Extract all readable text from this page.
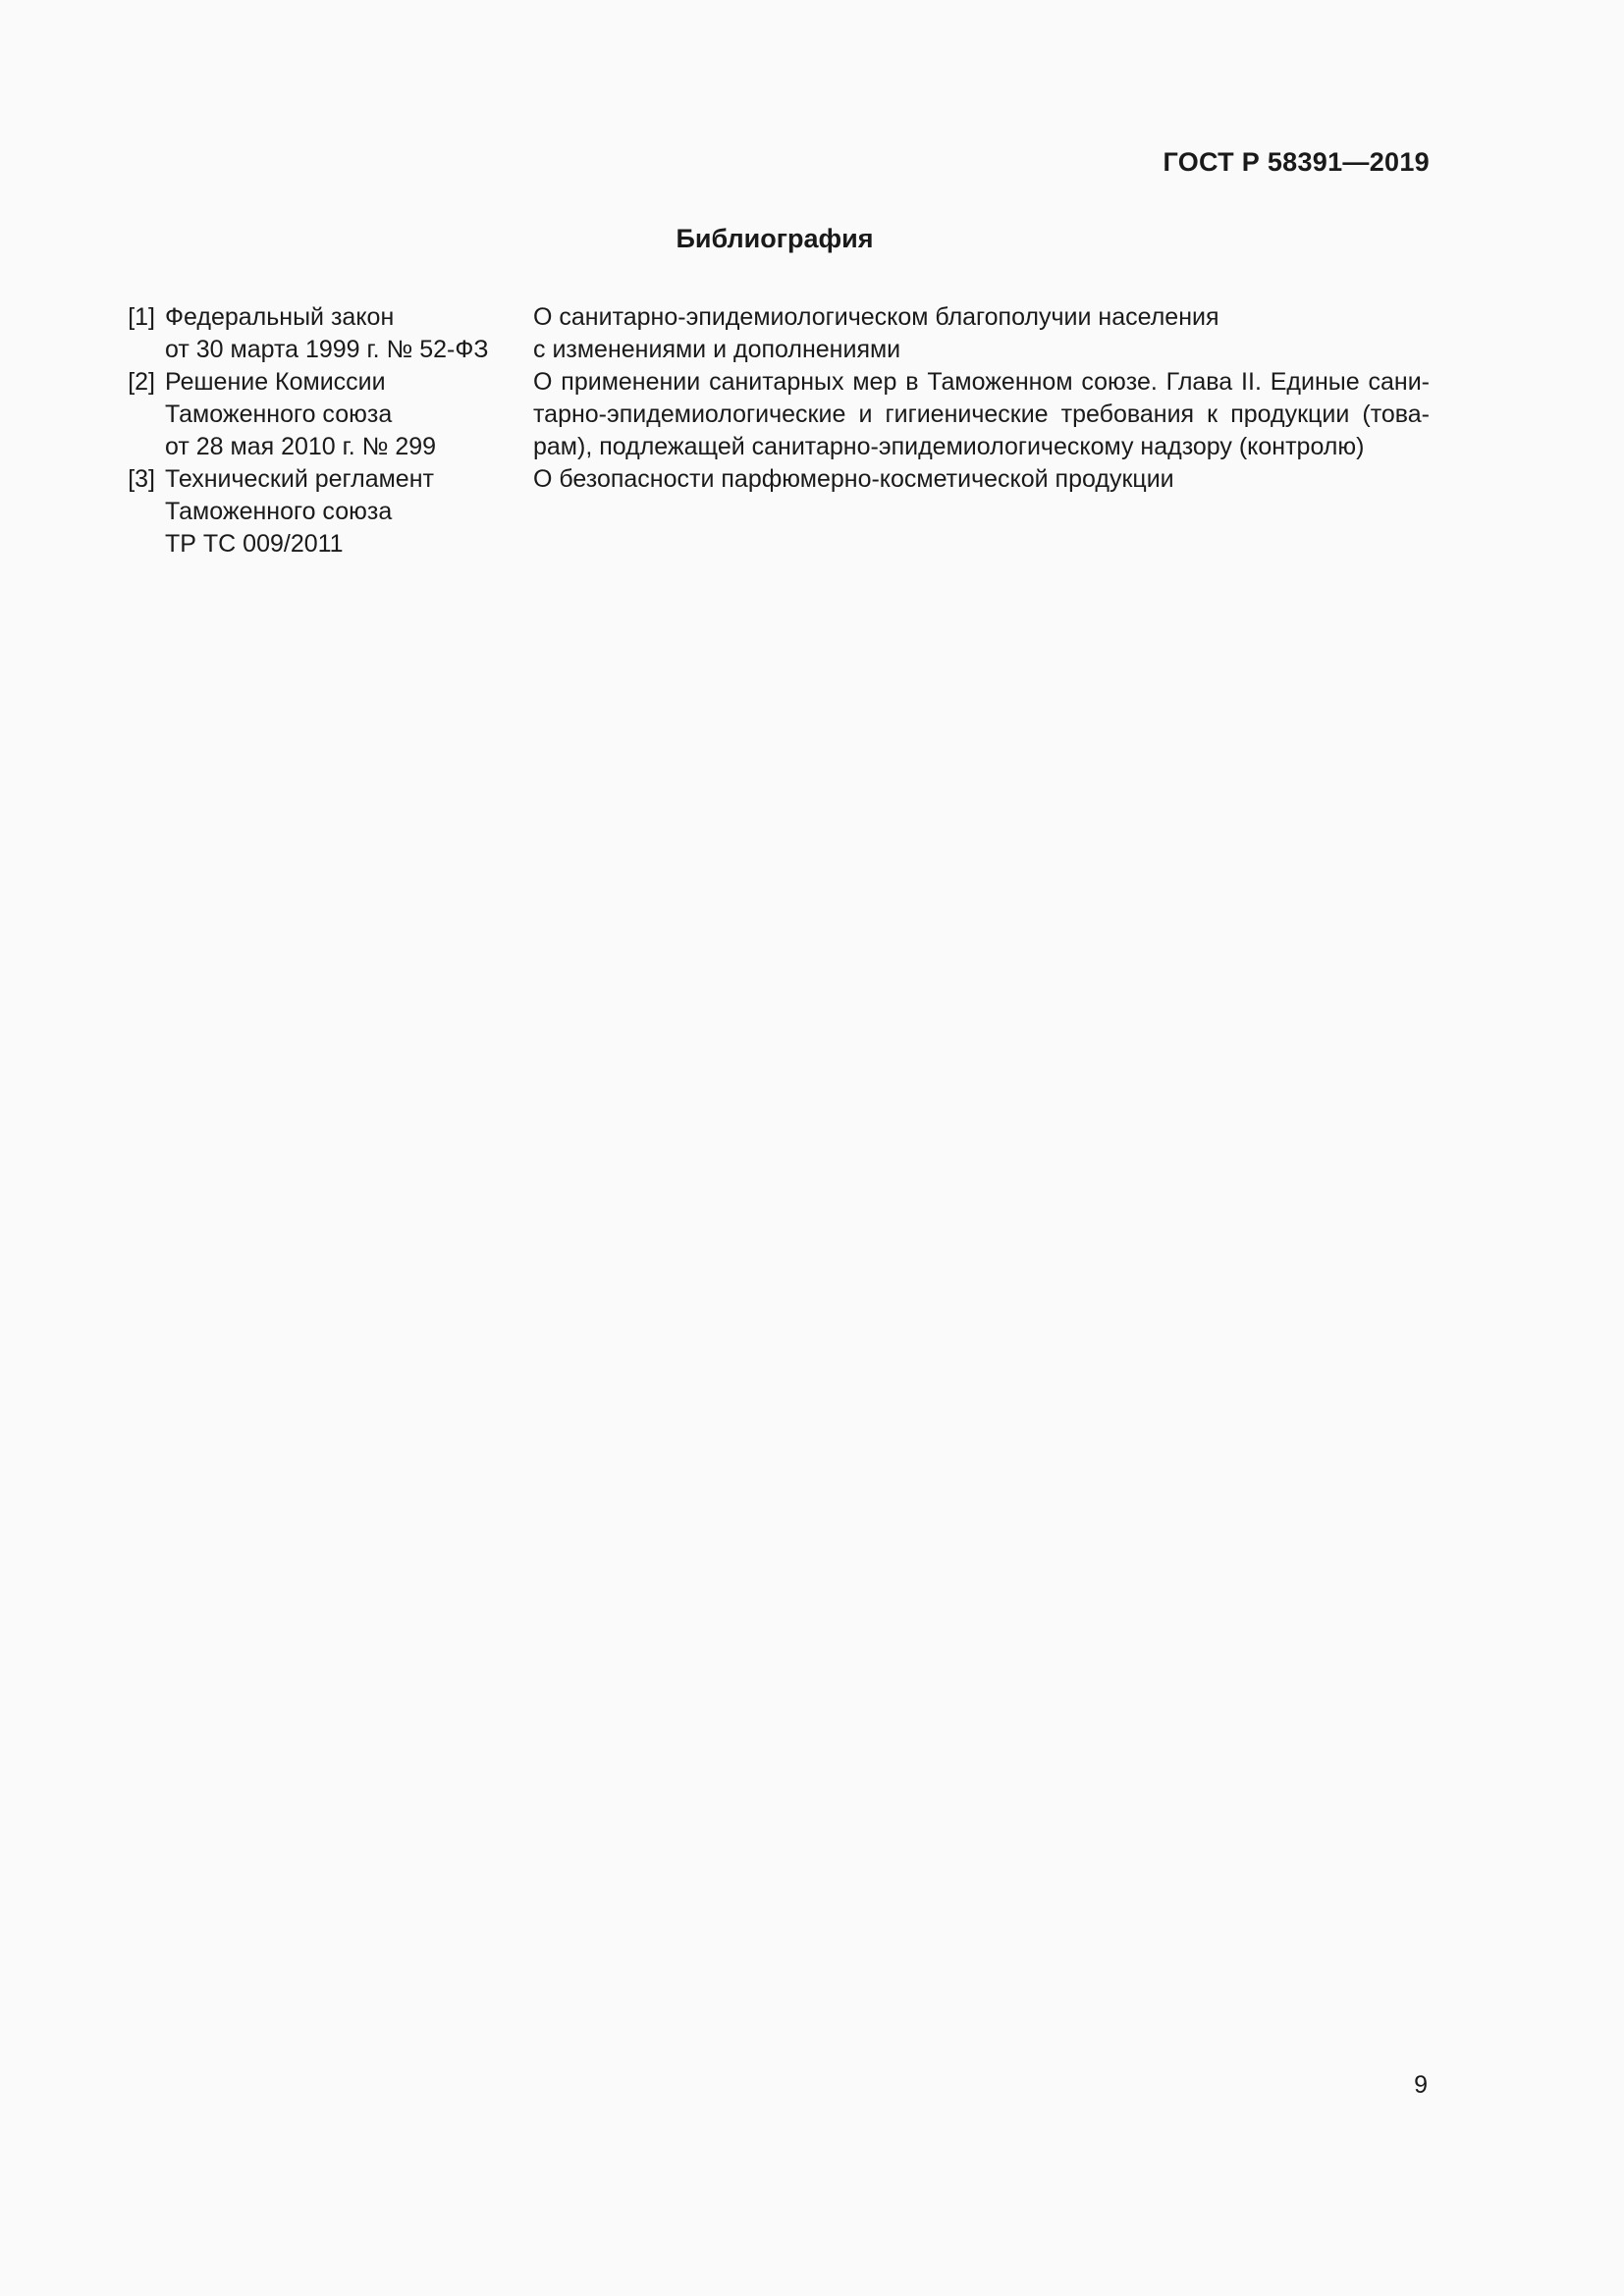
ГОСТ Р 58391—2019
Библиография
[1] Федеральный закон
от 30 марта 1999 г. № 52-ФЗ
О санитарно-эпидемиологическом благополучии населения
с изменениями и дополнениями
[2] Решение Комиссии
Таможенного союза
от 28 мая 2010 г. № 299
О применении санитарных мер в Таможенном союзе. Глава II. Единые сани-
тарно-эпидемиологические и гигиенические требования к продукции (това-
рам), подлежащей санитарно-эпидемиологическому надзору (контролю)
[3] Технический регламент
Таможенного союза
ТР ТС 009/2011
О безопасности парфюмерно-косметической продукции
9
